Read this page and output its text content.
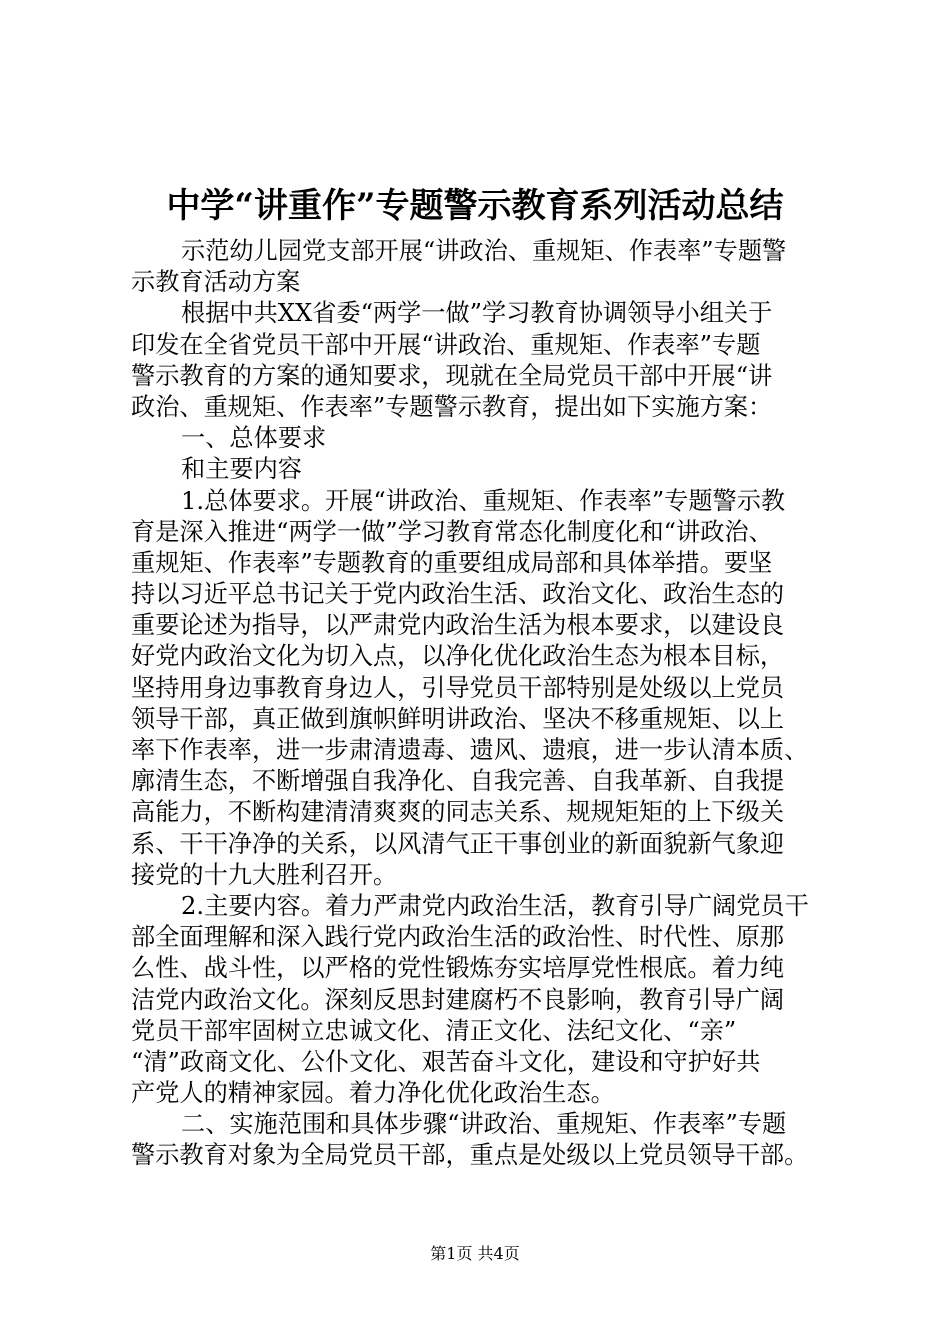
中学“讲重作”专题警示教育系列活动总结
示范幼儿园党支部开展“讲政治、重规矩、作表率”专题警
示教育活动方案
根据中共XX省委“两学一做”学习教育协调领导小组关于
印发在全省党员干部中开展“讲政治、重规矩、作表率”专题
警示教育的方案的通知要求，现就在全局党员干部中开展“讲
政治、重规矩、作表率”专题警示教育，提出如下实施方案：
一、总体要求
和主要内容
1.总体要求。开展“讲政治、重规矩、作表率”专题警示教
育是深入推进“两学一做”学习教育常态化制度化和“讲政治、
重规矩、作表率”专题教育的重要组成局部和具体举措。要坚
持以习近平总书记关于党内政治生活、政治文化、政治生态的
重要论述为指导，以严肃党内政治生活为根本要求，以建设良
好党内政治文化为切入点，以净化优化政治生态为根本目标，
坚持用身边事教育身边人，引导党员干部特别是处级以上党员
领导干部，真正做到旗帜鲜明讲政治、坚决不移重规矩、以上
率下作表率，进一步肃清遗毒、遗风、遗痕，进一步认清本质、
廓清生态，不断增强自我净化、自我完善、自我革新、自我提
高能力，不断构建清清爽爽的同志关系、规规矩矩的上下级关
系、干干净净的关系，以风清气正干事创业的新面貌新气象迎
接党的十九大胜利召开。
2.主要内容。着力严肃党内政治生活，教育引导广阔党员干
部全面理解和深入践行党内政治生活的政治性、时代性、原那
么性、战斗性，以严格的党性锻炼夯实培厚党性根底。着力纯
洁党内政治文化。深刻反思封建腐朽不良影响，教育引导广阔
党员干部牢固树立忠诚文化、清正文化、法纪文化、“亲”
“清”政商文化、公仆文化、艰苦奋斗文化，建设和守护好共
产党人的精神家园。着力净化优化政治生态。
二、实施范围和具体步骤“讲政治、重规矩、作表率”专题
警示教育对象为全局党员干部，重点是处级以上党员领导干部。
第1页 共4页
